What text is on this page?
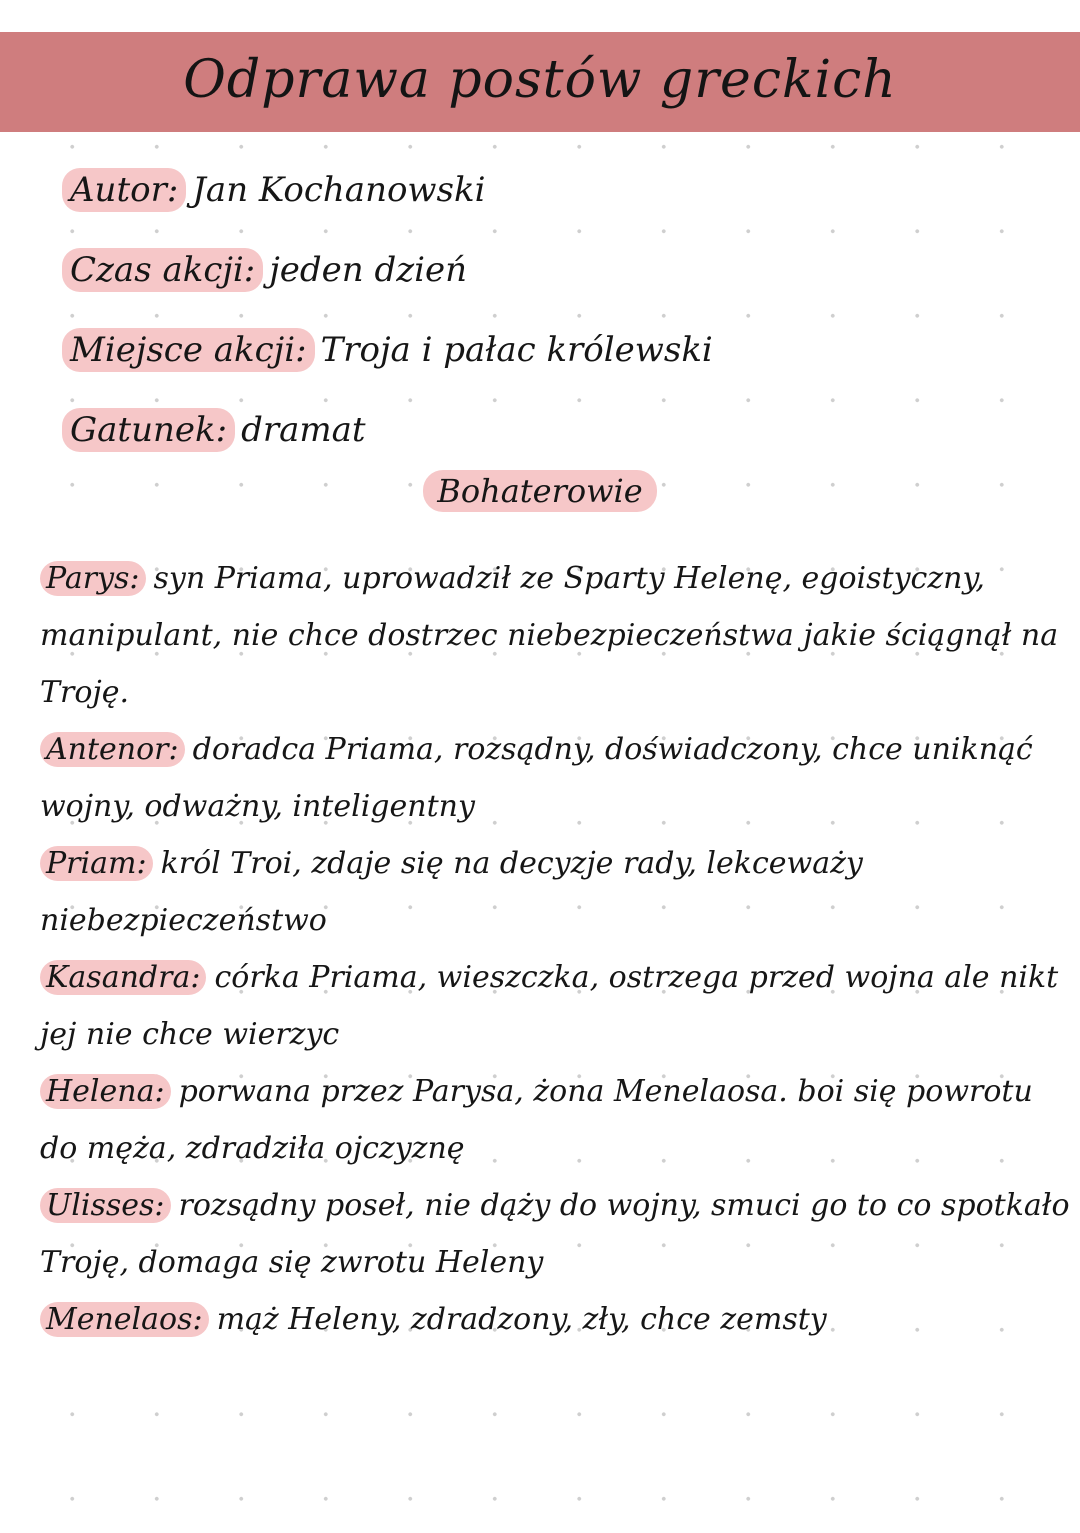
Odprawa postów greckich
Autor: Jan Kochanowski
Czas akcji: jeden dzień
Miejsce akcji: Troja i pałac królewski
Gatunek: dramat
Bohaterowie

Parys: syn Priama, uprowadził ze Sparty Helenę, egoistyczny, manipulant, nie chce dostrzec niebezpieczeństwa jakie ściągnął na Troję.

Antenor: doradca Priama, rozsądny, doświadczony, chce uniknąć wojny, odważny, inteligentny

Priam: król Troi, zdaje się na decyzje rady, lekceważy niebezpieczeństwo

Kasandra: córka Priama, wieszczka, ostrzega przed wojna ale nikt jej nie chce wierzyc

Helena: porwana przez Parysa, żona Menelaosa. boi się powrotu do męża, zdradziła ojczyznę

Ulisses: rozsądny poseł, nie dąży do wojny, smuci go to co spotkało Troję, domaga się zwrotu Heleny

Menelaos: mąż Heleny, zdradzony, zły, chce zemsty
